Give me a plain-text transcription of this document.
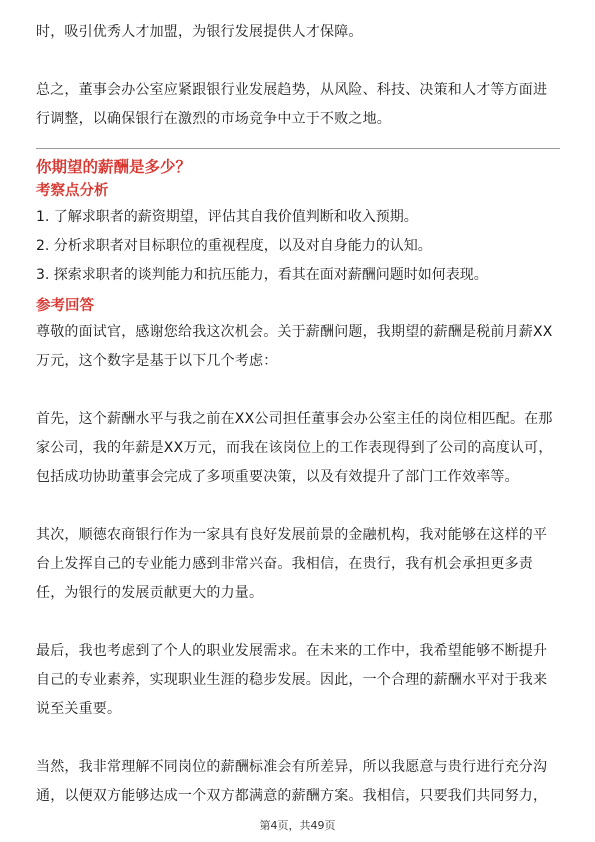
时，吸引优秀人才加盟，为银行发展提供人才保障。

总之，董事会办公室应紧跟银行业发展趋势，从风险、科技、决策和人才等方面进

行调整，以确保银行在激烈的市场竞争中立于不败之地。

你期望的薪酬是多少？

考察点分析

1. 了解求职者的薪资期望，评估其自我价值判断和收入预期。

2. 分析求职者对目标职位的重视程度，以及对自身能力的认知。

3. 探索求职者的谈判能力和抗压能力，看其在面对薪酬问题时如何表现。

参考回答

尊敬的面试官，感谢您给我这次机会。关于薪酬问题，我期望的薪酬是税前月薪XX

万元，这个数字是基于以下几个考虑：

首先，这个薪酬水平与我之前在XX公司担任董事会办公室主任的岗位相匹配。在那

家公司，我的年薪是XX万元，而我在该岗位上的工作表现得到了公司的高度认可，

包括成功协助董事会完成了多项重要决策，以及有效提升了部门工作效率等。

其次，顺德农商银行作为一家具有良好发展前景的金融机构，我对能够在这样的平

台上发挥自己的专业能力感到非常兴奋。我相信，在贵行，我有机会承担更多责

任，为银行的发展贡献更大的力量。

最后，我也考虑到了个人的职业发展需求。在未来的工作中，我希望能够不断提升

自己的专业素养，实现职业生涯的稳步发展。因此，一个合理的薪酬水平对于我来

说至关重要。

当然，我非常理解不同岗位的薪酬标准会有所差异，所以我愿意与贵行进行充分沟

通，以便双方能够达成一个双方都满意的薪酬方案。我相信，只要我们共同努力，

第4页，共49页
